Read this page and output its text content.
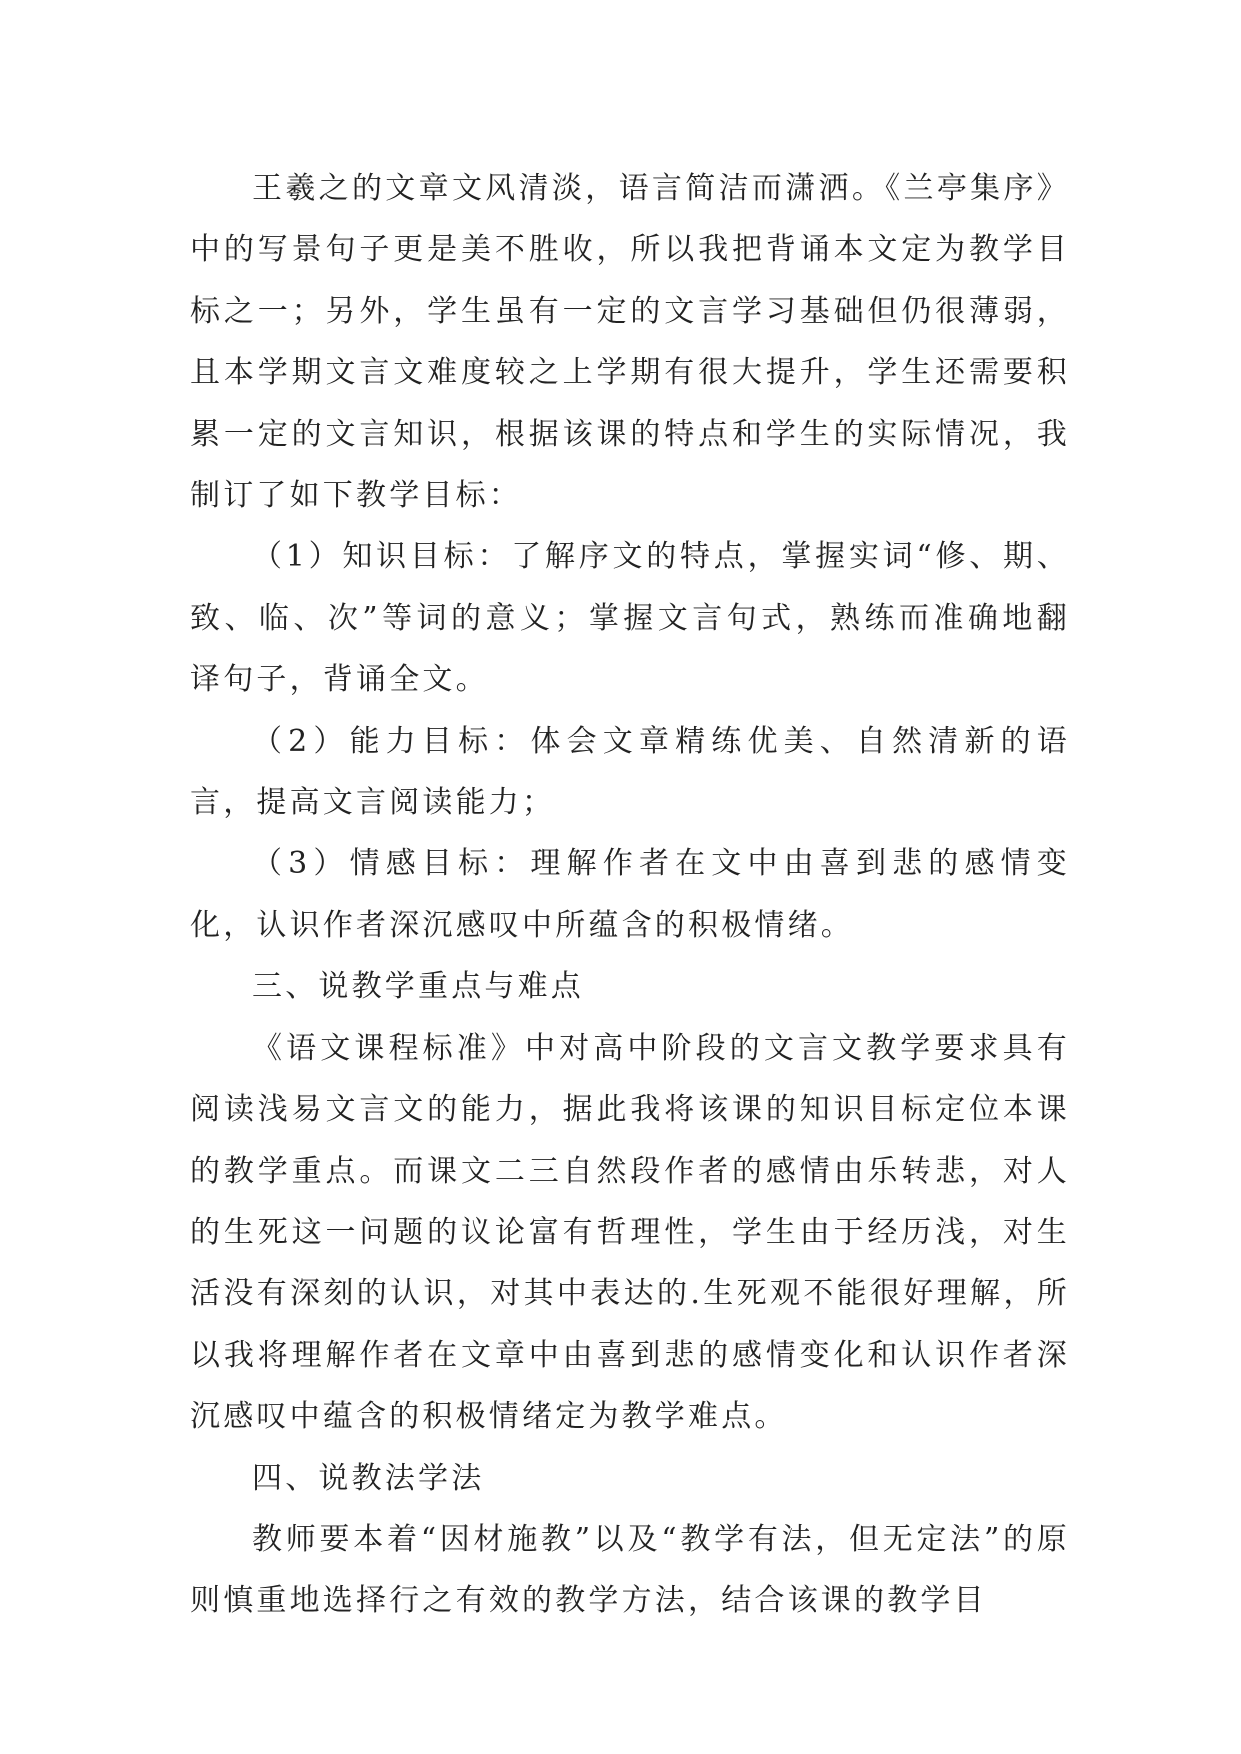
王羲之的文章文风清淡，语言简洁而潇洒。《兰亭集序》中的写景句子更是美不胜收，所以我把背诵本文定为教学目标之一；另外，学生虽有一定的文言学习基础但仍很薄弱，且本学期文言文难度较之上学期有很大提升，学生还需要积累一定的文言知识，根据该课的特点和学生的实际情况，我制订了如下教学目标：

（1）知识目标：了解序文的特点，掌握实词“修、期、致、临、次”等词的意义；掌握文言句式，熟练而准确地翻译句子，背诵全文。

（2）能力目标：体会文章精练优美、自然清新的语言，提高文言阅读能力；

（3）情感目标：理解作者在文中由喜到悲的感情变化，认识作者深沉感叹中所蕴含的积极情绪。

三、说教学重点与难点

《语文课程标准》中对高中阶段的文言文教学要求具有阅读浅易文言文的能力，据此我将该课的知识目标定位本课的教学重点。而课文二三自然段作者的感情由乐转悲，对人的生死这一问题的议论富有哲理性，学生由于经历浅，对生活没有深刻的认识，对其中表达的.生死观不能很好理解，所以我将理解作者在文章中由喜到悲的感情变化和认识作者深沉感叹中蕴含的积极情绪定为教学难点。

四、说教法学法

教师要本着“因材施教”以及“教学有法，但无定法”的原则慎重地选择行之有效的教学方法，结合该课的教学目
